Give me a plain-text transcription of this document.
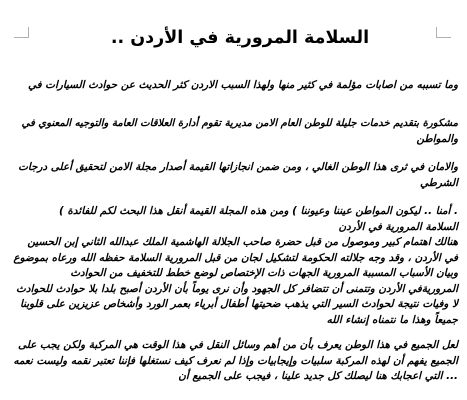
السلامة المرورية في الأردن ..
وما تسببه من اصابات مؤلمة في كثير منها ولهذا السبب الاردن كثر الحديث عن حوادث السيارات في
مشكورة بتقديم خدمات جليلة للوطن العام الامن مديرية تقوم أدارة العلاقات العامة والتوجيه المعنوي في
والمواطن
والامان في ثرى هذا الوطن الغالي ، ومن ضمن انجازاتها القيمة أصدار مجلة الامن لتحقيق أعلى درجات
الشرطي
. أمنا .. ليكون المواطن عيننا وعيوننا ) ومن هذه المجلة القيمة أنقل هذا البحث لكم للفائدة )
السلامة المرورية في الأردن
هنالك اهتمام كبير وموصول من قبل حضرة صاحب الجلالة الهاشمية الملك عبدالله الثاني إبن الحسين
في الأردن ، وقد وجه جلالته الحكومة لتشكيل لجان من قبل المرورية السلامة حفظه الله ورعاه بموضوع
وبيان الأسباب المسببة المرورية الجهات ذات الإختصاص لوضع خطط للتخفيف من الحوادث
المروريةفي الأردن وتتمنى أن تتضافر كل الجهود وأن نرى يوماً بأن الأردن أصبح بلدا بلا حوادث للحوادث
لا وفيات نتيجة لحوادث السير التي يذهب ضحيتها أطفال أبرياء بعمر الورد وأشخاص عزيزين على قلوبنا
جميعاً وهذا ما نتمناه إنشاء الله
لعل الجميع في هذا الوطن يعرف بأن من أهم وسائل النقل في هذا الوقت هي المركبة ولكن يجب على
الجميع يفهم أن لهذه المركبة سلبيات وإيجابيات وإذا لم نعرف كيف نستغلها فإننا تعتبر نقمه وليست نعمه
... التي اعجابك هنا ليصلك كل جديد علينا ، فيجب على الجميع أن
